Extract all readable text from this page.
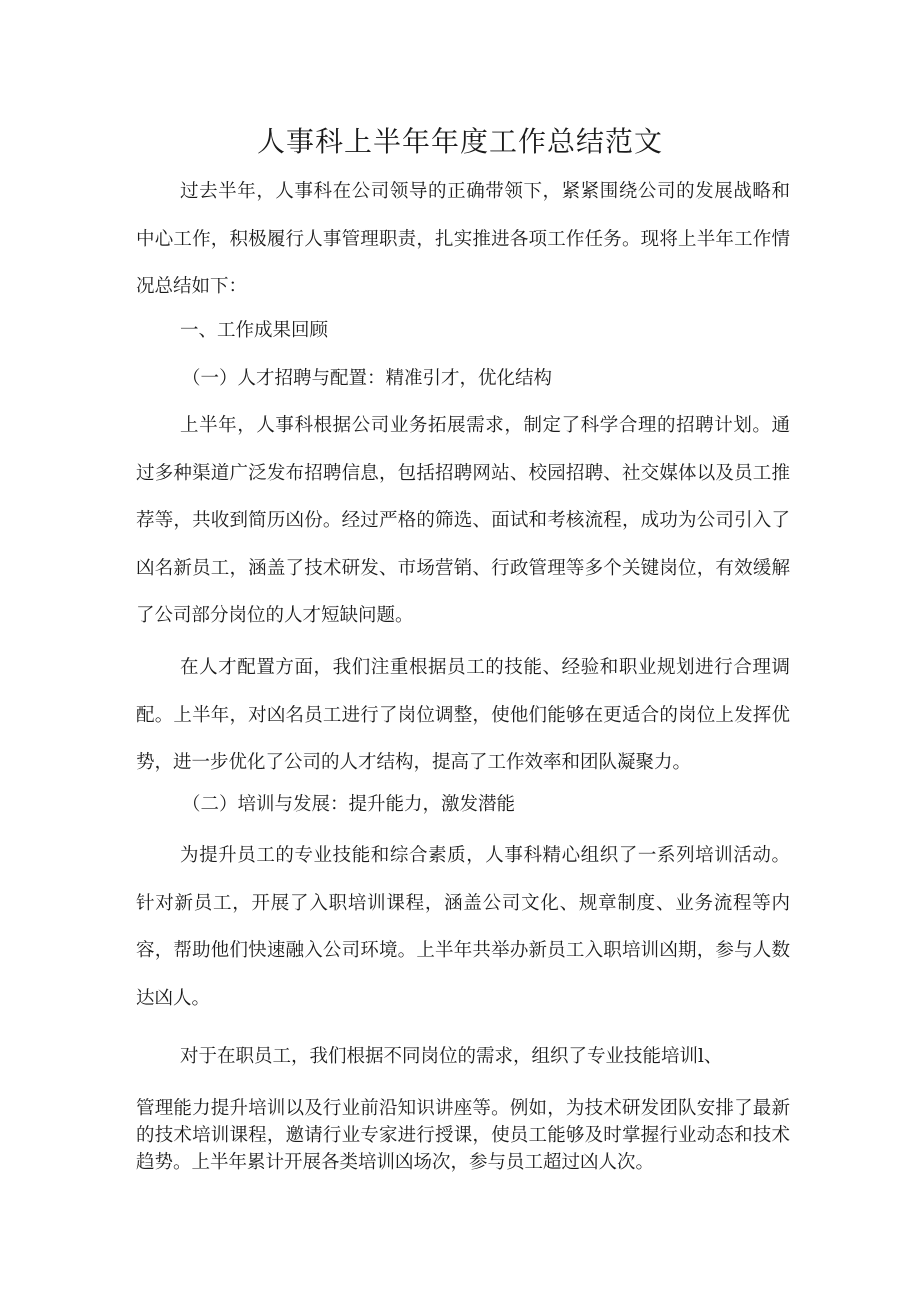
人事科上半年年度工作总结范文
过去半年，人事科在公司领导的正确带领下，紧紧围绕公司的发展战略和中心工作，积极履行人事管理职责，扎实推进各项工作任务。现将上半年工作情况总结如下：
一、工作成果回顾
（一）人才招聘与配置：精准引才，优化结构
上半年，人事科根据公司业务拓展需求，制定了科学合理的招聘计划。通过多种渠道广泛发布招聘信息，包括招聘网站、校园招聘、社交媒体以及员工推荐等，共收到简历凶份。经过严格的筛选、面试和考核流程，成功为公司引入了凶名新员工，涵盖了技术研发、市场营销、行政管理等多个关键岗位，有效缓解了公司部分岗位的人才短缺问题。
在人才配置方面，我们注重根据员工的技能、经验和职业规划进行合理调配。上半年，对凶名员工进行了岗位调整，使他们能够在更适合的岗位上发挥优势，进一步优化了公司的人才结构，提高了工作效率和团队凝聚力。
（二）培训与发展：提升能力，激发潜能
为提升员工的专业技能和综合素质，人事科精心组织了一系列培训活动。针对新员工，开展了入职培训课程，涵盖公司文化、规章制度、业务流程等内容，帮助他们快速融入公司环境。上半年共举办新员工入职培训凶期，参与人数达凶人。
对于在职员工，我们根据不同岗位的需求，组织了专业技能培训l、
管理能力提升培训以及行业前沿知识讲座等。例如，为技术研发团队安排了最新的技术培训课程，邀请行业专家进行授课，使员工能够及时掌握行业动态和技术趋势。上半年累计开展各类培训凶场次，参与员工超过凶人次。
